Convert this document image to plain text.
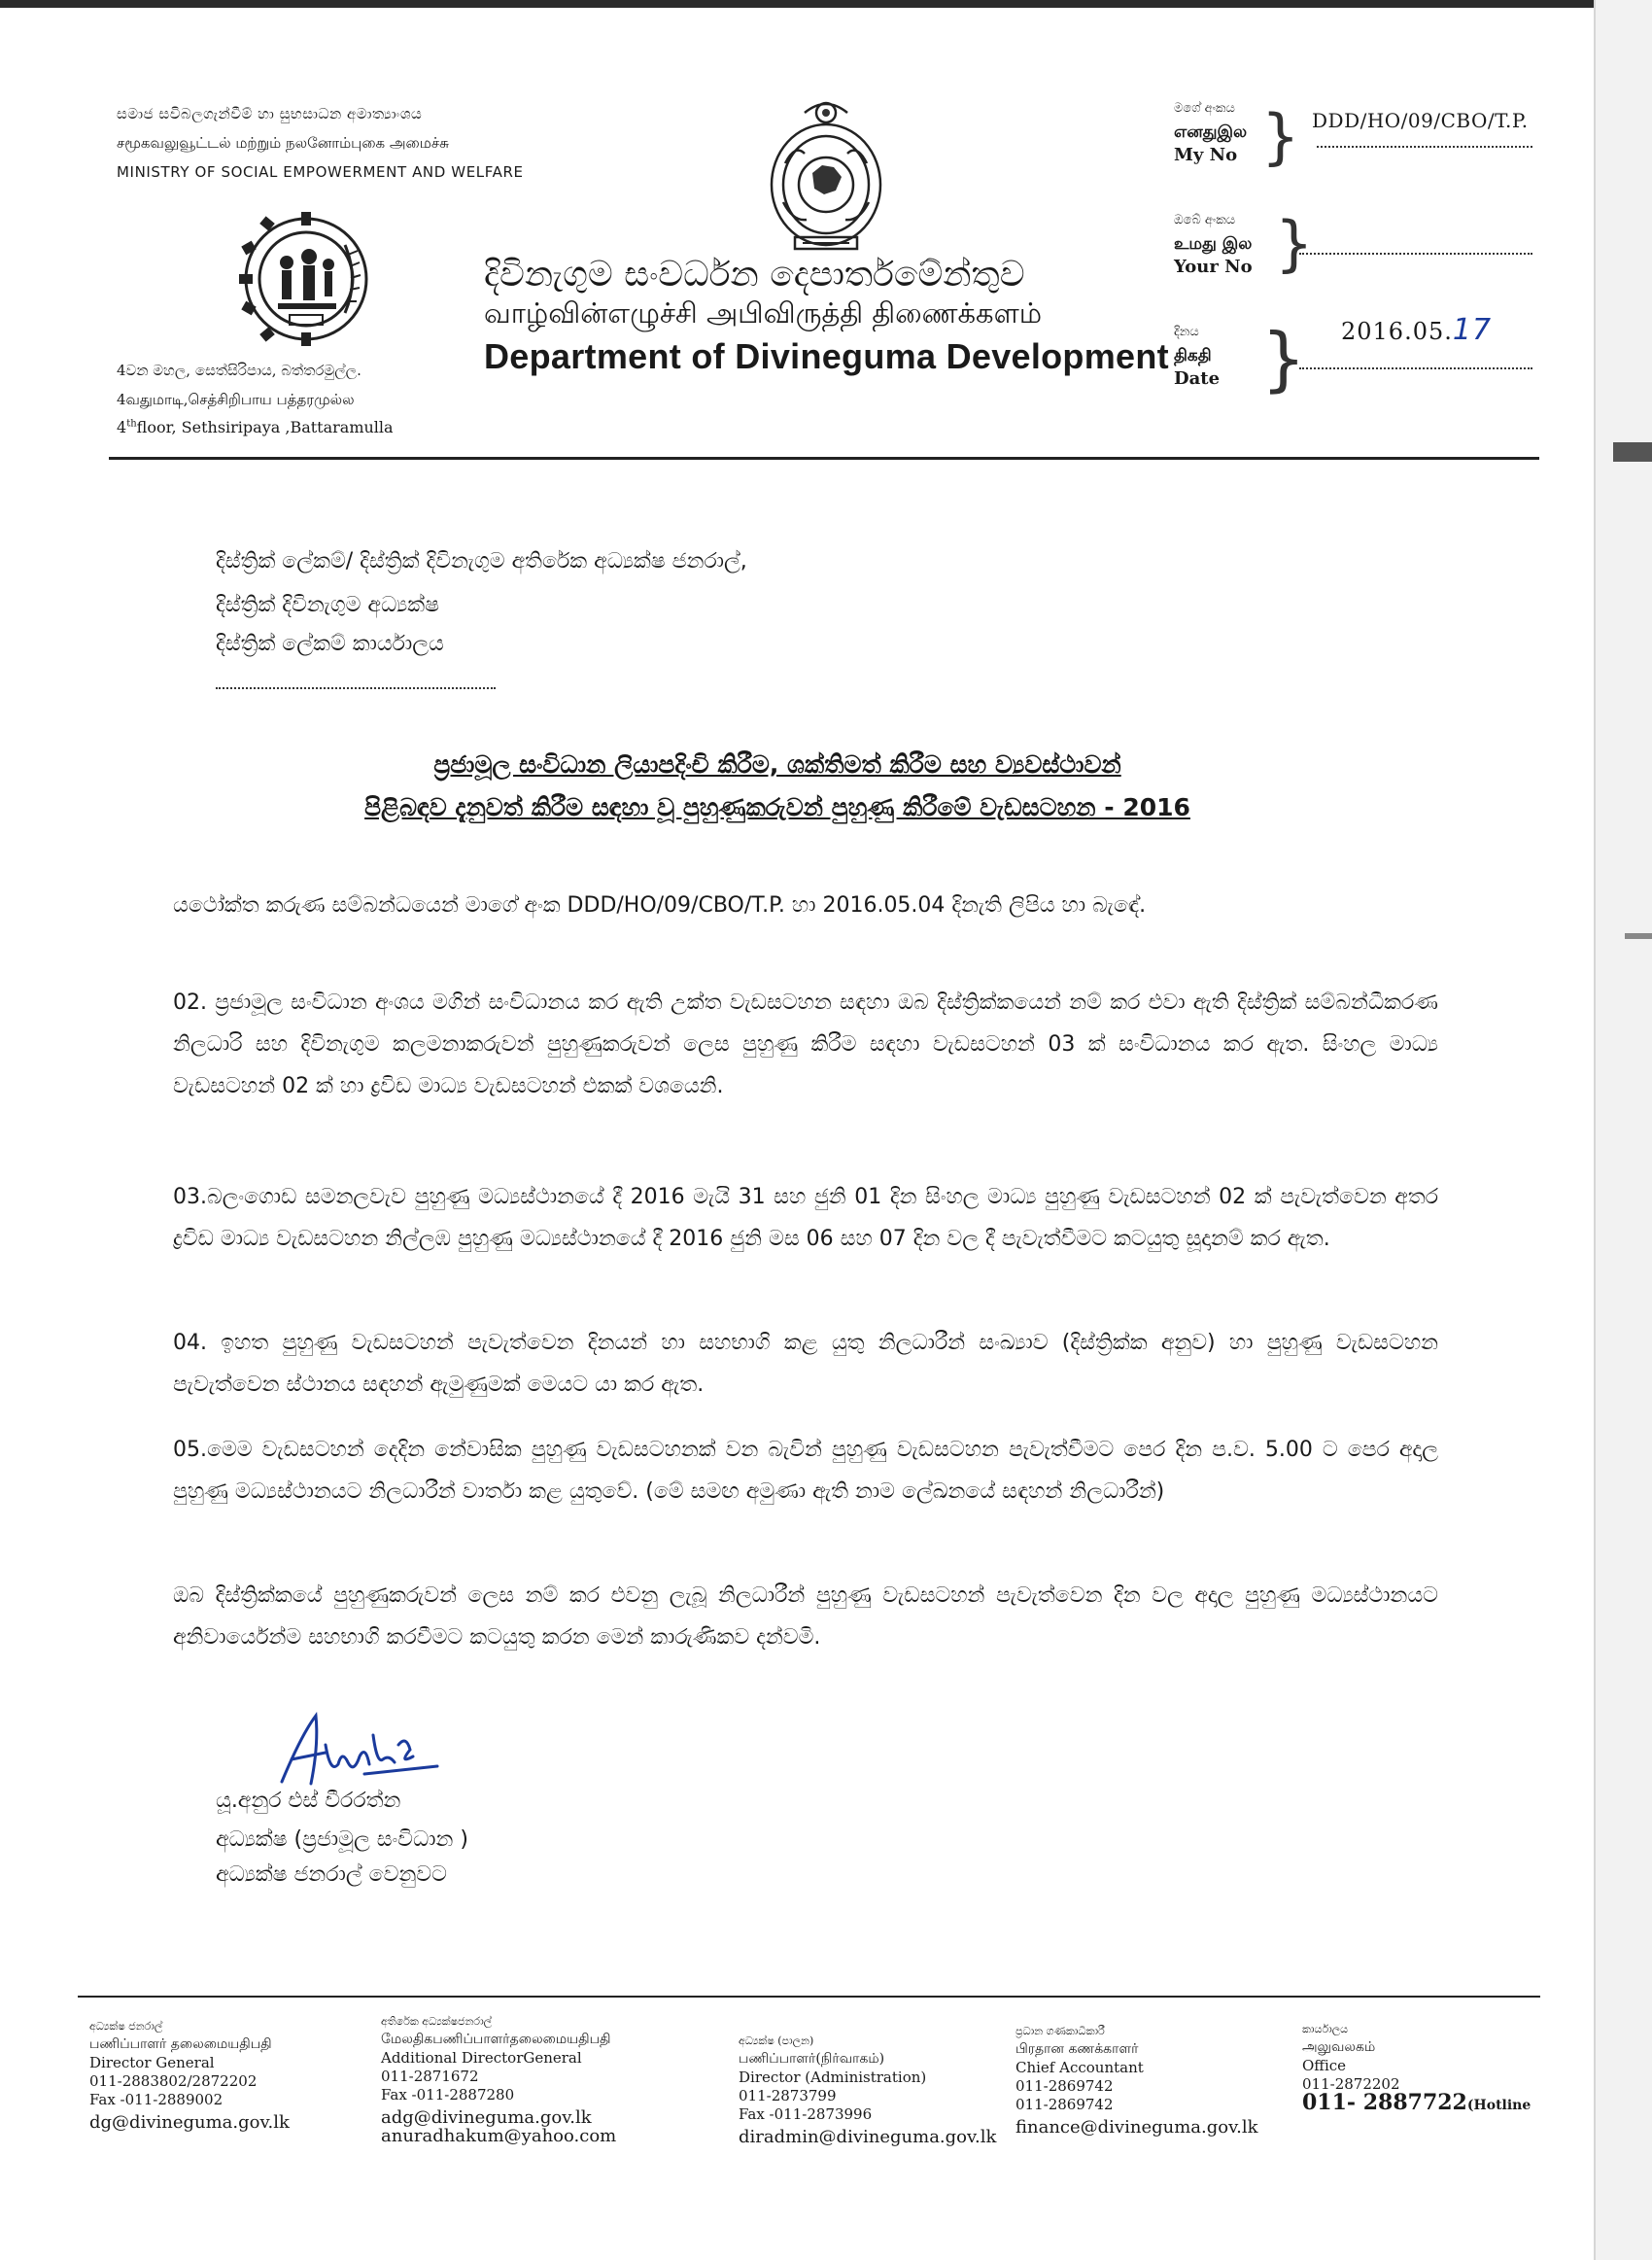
සමාජ සවිබලගැන්වීම් හා සුභසාධන අමාත්‍යාංශය
சமூகவலுவூட்டல் மற்றும் நலனோம்புகை அமைச்சு
MINISTRY OF SOCIAL EMPOWERMENT AND WELFARE
දිවිනැගුම සංවර්ධන දෙපාර්තමේන්තුව
வாழ்வின்எழுச்சி அபிவிருத்தி திணைக்களம்
Department of Divineguma Development
4වන මහල, සෙත්සිරිපාය, බත්තරමුල්ල.
4வதுமாடி,செத்சிறிபாய பத்தரமுல்ல
4thfloor, Sethsiripaya ,Battaramulla
මගේ අංකය
எனதுஇல
My No } DDD/HO/09/CBO/T.P.
ඔබේ අංකය
உமது இல
Your No }
දිනය
திகதி
Date } 2016.05.17
දිස්ත්‍රික් ලේකම්/ දිස්ත්‍රික් දිවිනැගුම අතිරේක අධ්‍යක්ෂ ජනරාල්,
දිස්ත්‍රික් දිවිනැගුම අධ්‍යක්ෂ
දිස්ත්‍රික් ලේකම් කාර්යාලය
ප්‍රජාමූල සංවිධාන ලියාපදිංචි කිරීම, ශක්තිමත් කිරීම සහ ව්‍යවස්ථාවන්
පිළිබඳව දැනුවත් කිරීම සඳහා වූ පුහුණුකරුවන් පුහුණු කිරීමේ වැඩසටහන - 2016
යථෝක්ත කරුණ සම්බන්ධයෙන් මාගේ අංක DDD/HO/09/CBO/T.P. හා 2016.05.04 දිනැති ලිපිය හා බැඳේ.
02. ප්‍රජාමූල සංවිධාන අංශය මගින් සංවිධානය කර ඇති උක්ත වැඩසටහන සඳහා ඔබ දිස්ත්‍රික්කයෙන් නම් කර එවා ඇති දිස්ත්‍රික් සම්බන්ධීකරණ නිලධාරි සහ දිවිනැගුම කලමනාකරුවන් පුහුණුකරුවන් ලෙස පුහුණු කිරීම සඳහා වැඩසටහන් 03 ක් සංවිධානය කර ඇත. සිංහල මාධ්‍ය වැඩසටහන් 02 ක් හා ද්‍රවිඩ මාධ්‍ය වැඩසටහන් එකක් වශයෙනි.
03.බලංගොඩ සමනලවැව පුහුණු මධ්‍යස්ථානයේ දී 2016 මැයි 31 සහ ජුනි 01 දින සිංහල මාධ්‍ය පුහුණු වැඩසටහන් 02 ක් පැවැත්වෙන අතර ද්‍රවිඩ මාධ්‍ය වැඩසටහන නිල්ලඹ පුහුණු මධ්‍යස්ථානයේ දී 2016 ජුනි මස 06 සහ 07 දින වල දී පැවැත්වීමට කටයුතු සූදානම් කර ඇත.
04. ඉහත පුහුණු වැඩසටහන් පැවැත්වෙන දිනයන් හා සහභාගි කළ යුතු නිලධාරීන් සංඛ්‍යාව (දිස්ත්‍රික්ක අනුව) හා පුහුණු වැඩසටහන පැවැත්වෙන ස්ථානය සඳහන් ඇමුණුමක් මෙයට යා කර ඇත.
05.මෙම වැඩසටහන් දෙදින නේවාසික පුහුණු වැඩසටහනක් වන බැවින් පුහුණු වැඩසටහන පැවැත්වීමට පෙර දින ප.ව. 5.00 ට පෙර අදාල පුහුණු මධ්‍යස්ථානයට නිලධාරීන් වාර්තා කළ යුතුවේ. (මේ සමඟ අමුණා ඇති නාම ලේඛනයේ සඳහන් නිලධාරීන්)
ඔබ දිස්ත්‍රික්කයේ පුහුණුකරුවන් ලෙස නම් කර එවනු ලැබූ නිලධාරීන් පුහුණු වැඩසටහන් පැවැත්වෙන දින වල අදාල පුහුණු මධ්‍යස්ථානයට අනිවාර්යෙන්ම සහභාගි කරවීමට කටයුතු කරන මෙන් කාරුණිකව දන්වමි.
යූ.අනුර එස් වීරරත්න
අධ්‍යක්ෂ (ප්‍රජාමූල සංවිධාන )
අධ්‍යක්ෂ ජනරාල් වෙනුවට
අධ්‍යක්ෂ ජනරාල්
பணிப்பாளர் தலைமையதிபதி
Director General
011-2883802/2872202
Fax -011-2889002
dg@divineguma.gov.lk
අතිරේක අධ්‍යක්ෂජනරාල්
மேலதிகபணிப்பாளர்தலைமையதிபதி
Additional DirectorGeneral
011-2871672
Fax -011-2887280
adg@divineguma.gov.lk
anuradhakum@yahoo.com
අධ්‍යක්ෂ (පාලන)
பணிப்பாளர்(நிர்வாகம்)
Director (Administration)
011-2873799
Fax -011-2873996
diradmin@divineguma.gov.lk
ප්‍රධාන ගණකාධිකාරී
பிரதான கணக்காளர்
Chief Accountant
011-2869742
011-2869742
finance@divineguma.gov.lk
කාර්යාලය
அலுவலகம்
Office
011-2872202
011- 2887722(Hotline
